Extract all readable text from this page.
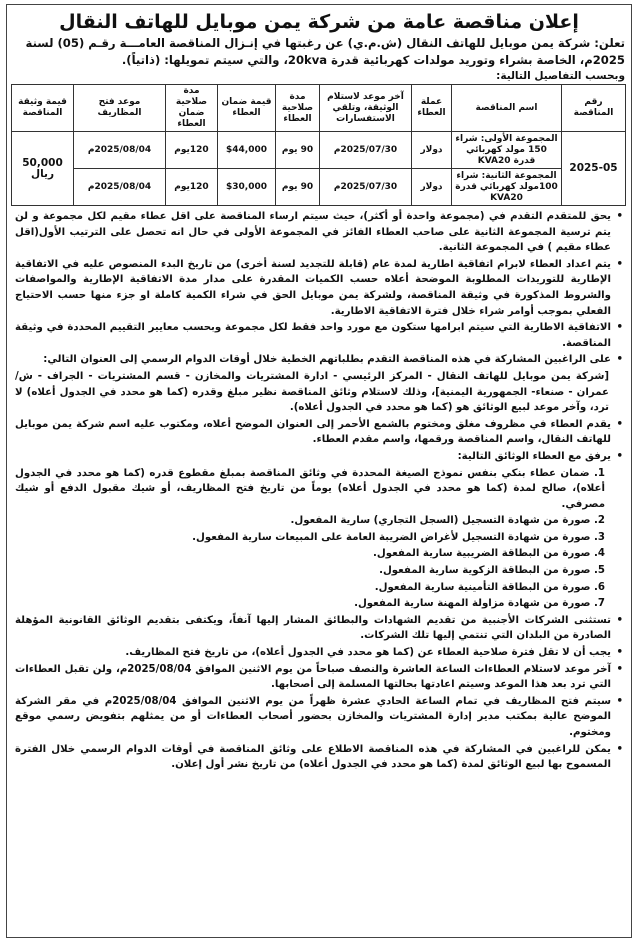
إعلان مناقصة عامة من شركة يمن موبايل للهاتف النقال
تعلن: شركة يمن موبايل للهاتف النقال (ش.م.ي) عن رغبتها في إنـزال المناقصة العامـــة رقـم (05) لسنة 2025م، الخاصة بشراء وتوريد مولدات كهربائية قدرة 20kva، والتي سيتم تمويلها: (ذاتياً).
وبحسب التفاصيل التالية:
رقم المناقصة	اسم المناقصة	عملة العطاء	آخر موعد لاستلام الوثيقة، وتلقي الاستفسارات	مدة صلاحية العطاء	قيمة ضمان العطاء	مدة صلاحية ضمان العطاء	موعد فتح المظاريف	قيمة وثيقة المناقصة
2025-05	المجموعة الأولى: شراء 150 مولد كهربائي قدرة KVA20	دولار	2025/07/30م	90 يوم	$44,000	120يوم	2025/08/04م	50,000 ريال
	المجموعة الثانية: شراء 100مولد كهربائي قدرة KVA20	دولار	2025/07/30م	90 يوم	$30,000	120يوم	2025/08/04م	

• يحق للمتقدم التقدم في (مجموعة واحدة أو أكثر)، حيث سيتم ارساء المناقصة على اقل عطاء مقيم لكل مجموعة و لن يتم ترسية المجموعة الثانية على صاحب العطاء الفائز في المجموعة الأولى في حال انه تحصل على الترتيب الأول(اقل عطاء مقيم ) في المجموعة الثانية.

• يتم اعداد العطاء لابرام اتفاقية اطارية لمدة عام (قابلة للتجديد لسنة أخرى) من تاريخ البدء المنصوص عليه في الاتفاقية الإطارية للتوريدات المطلوبة الموضحة أعلاه حسب الكميات المقدرة على مدار مدة الاتفاقية الإطارية والمواصفات والشروط المذكورة في وثيقة المناقصة، ولشركة يمن موبايل الحق في شراء الكمية كاملة او جزء منها حسب الاحتياج الفعلي بموجب أوامر شراء خلال فترة الاتفاقية الاطارية.

• الاتفاقية الاطارية التي سيتم ابرامها ستكون مع مورد واحد فقط لكل مجموعة وبحسب معايير التقييم المحددة في وثيقة المناقصة.

• على الراغبين المشاركة في هذه المناقصة التقدم بطلباتهم الخطية خلال أوقات الدوام الرسمي إلى العنوان التالي:

[شركة يمن موبايل للهاتف النقال - المركز الرئيسي - ادارة المشتريات والمخازن - قسم المشتريات - الجراف - ش/عمران - صنعاء- الجمهورية اليمنية]، وذلك لاستلام وثائق المناقصة نظير مبلغ وقدره (كما هو محدد في الجدول أعلاه) لا ترد، وآخر موعد لبيع الوثائق هو (كما هو محدد في الجدول أعلاه).

• يقدم العطاء في مظروف مغلق ومختوم بالشمع الأحمر إلى العنوان الموضح أعلاه، ومكتوب عليه اسم شركة يمن موبايل للهاتف النقال، واسم المناقصة ورقمها، واسم مقدم العطاء.

• يرفق مع العطاء الوثائق التالية:

1. ضمان عطاء بنكي بنفس نموذج الصيغة المحددة في وثائق المناقصة بمبلغ مقطوع قدره (كما هو محدد في الجدول أعلاه)، صالح لمدة (كما هو محدد في الجدول أعلاه) يوماً من تاريخ فتح المظاريف، أو شيك مقبول الدفع أو شيك مصرفي.

2. صورة من شهادة التسجيل (السجل التجاري) سارية المفعول.

3. صورة من شهادة التسجيل لأغراض الضريبة العامة على المبيعات سارية المفعول.

4. صورة من البطاقة الضريبية سارية المفعول.

5. صورة من البطاقة الزكوية سارية المفعول.

6. صورة من البطاقة التأمينية سارية المفعول.

7. صورة من شهادة مزاولة المهنة سارية المفعول.

• تستثنى الشركات الأجنبية من تقديم الشهادات والبطائق المشار إليها آنفاً، ويكتفى بتقديم الوثائق القانونية المؤهلة الصادرة من البلدان التي تنتمي إليها تلك الشركات.

• يجب أن لا تقل فترة صلاحية العطاء عن (كما هو محدد في الجدول أعلاه)، من تاريخ فتح المظاريف.

• آخر موعد لاستلام العطاءات الساعة العاشرة والنصف صباحاً من يوم الاثنين الموافق 2025/08/04م، ولن تقبل العطاءات التي ترد بعد هذا الموعد وسيتم اعادتها بحالتها المسلمة إلى أصحابها.

• سيتم فتح المظاريف في تمام الساعة الحادي عشرة ظهراً من يوم الاثنين الموافق 2025/08/04م في مقر الشركة الموضح عالية بمكتب مدير إدارة المشتريات والمخازن بحضور أصحاب العطاءات أو من يمثلهم بتفويض رسمي موقع ومختوم.

• يمكن للراغبين في المشاركة في هذه المناقصة الاطلاع على وثائق المناقصة في أوقات الدوام الرسمي خلال الفترة المسموح بها لبيع الوثائق لمدة (كما هو محدد في الجدول أعلاه) من تاريخ نشر أول إعلان.
